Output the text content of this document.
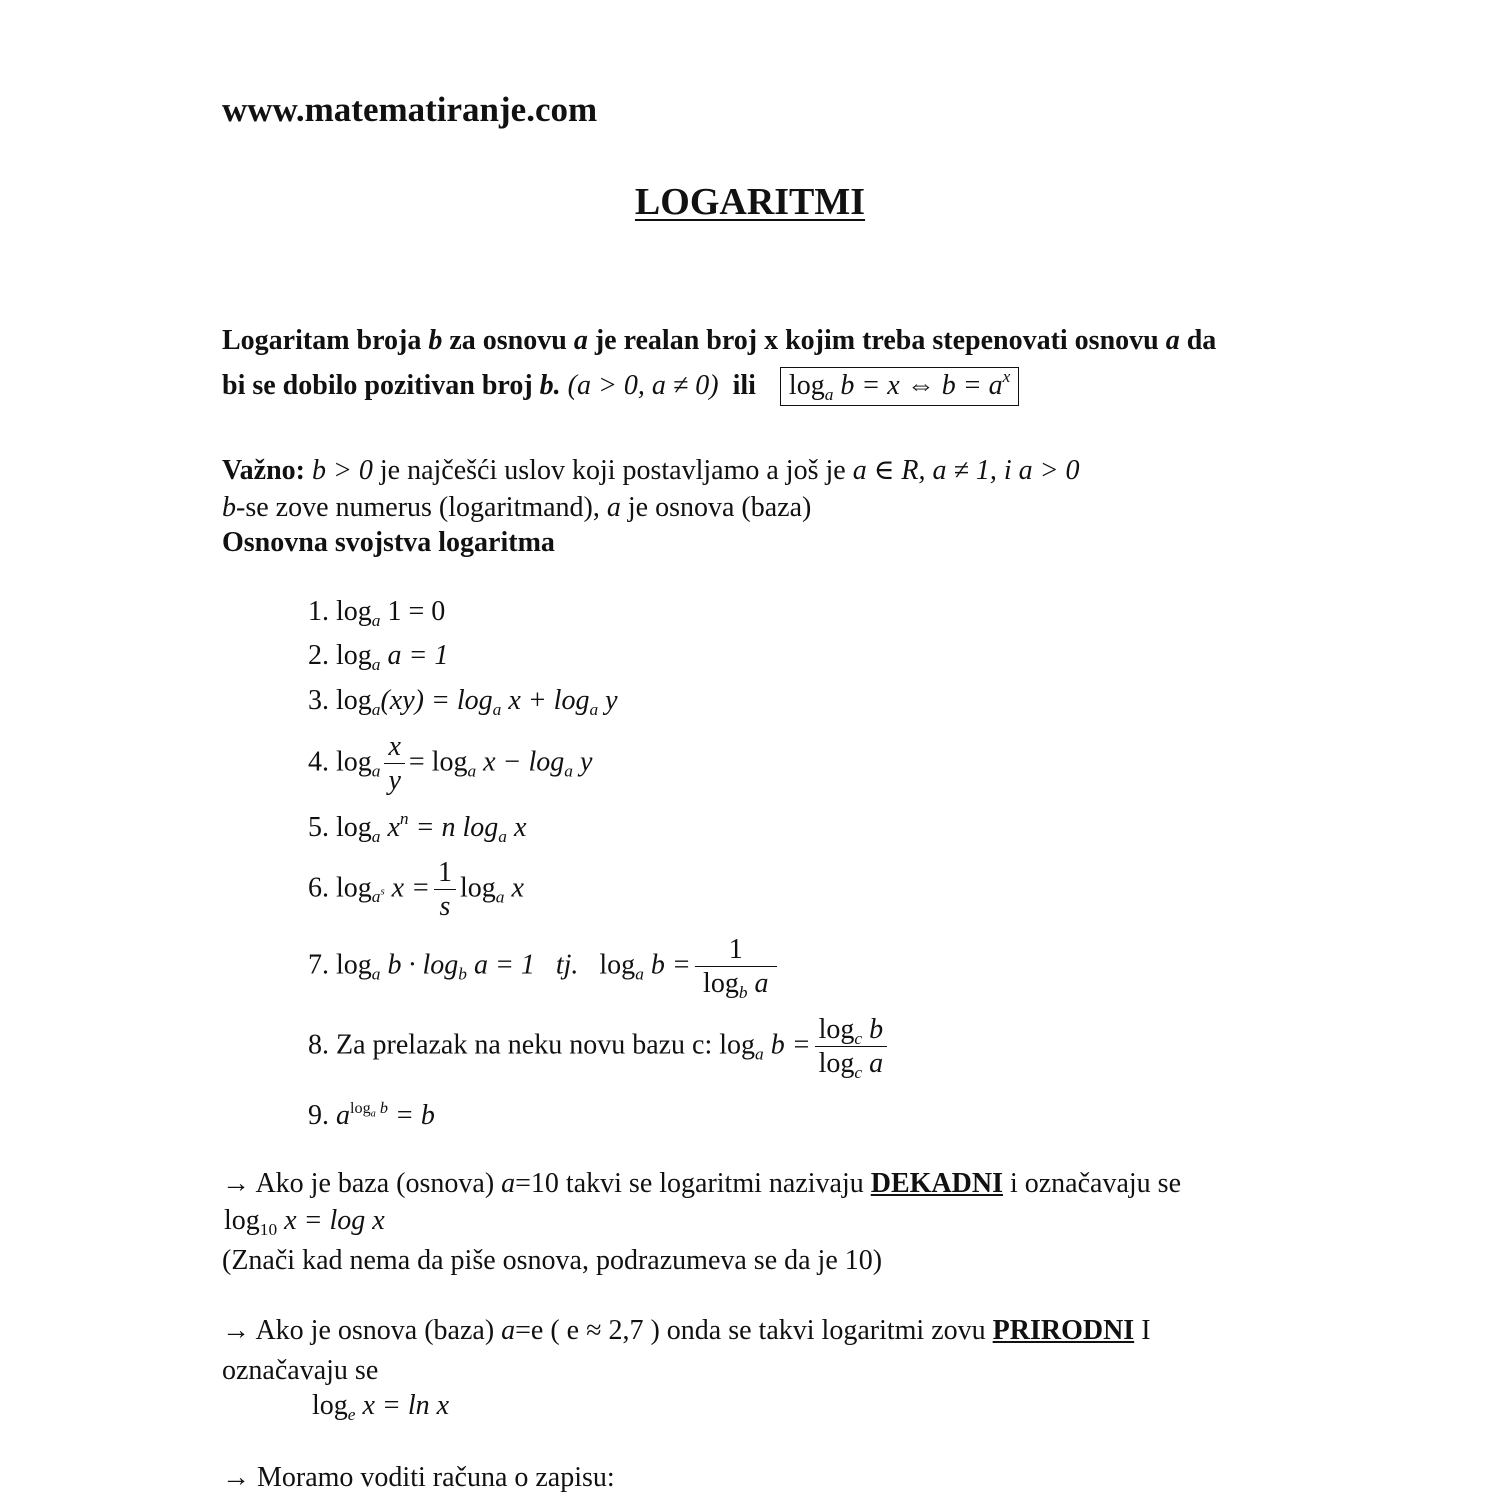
www.matematiranje.com
LOGARITMI
Logaritam broja b za osnovu a je realan broj x kojim treba stepenovati osnovu a da
bi se dobilo pozitivan broj b. (a > 0, a ≠ 0) ili $\log_a b = x$ ⇔ $b = a^x$
Važno: b > 0 je najčešći uslov koji postavljamo a još je a ∈ R, a ≠ 1, i a > 0
b-se zove numerus (logaritmand), a je osnova (baza)
Osnovna svojstva logaritma
1. $\log_a 1 = 0$
2. $\log_a a = 1$
3. $\log_a(xy) = \log_a x + \log_a y$
4. $\log_a \frac{x}{y} = \log_a x - \log_a y$
5. $\log_a x^n = n$ $\log_a x$
6. $\log_{a^s} x = \frac{1}{s} \log_a x$
7. $\log_a b \cdot \log_b a = 1$ tj. $\log_a b = \frac{1}{\log_b a}$
8. Za prelazak na neku novu bazu c: $\log_a b = \frac{\log_c b}{\log_c a}$
9. $a^{log_a b} = b$
→ Ako je baza (osnova) a=10 takvi se logaritmi nazivaju DEKADNI i označavaju se
$\log_{10} x = \log x$
(Znači kad nema da piše osnova, podrazumeva se da je 10)
→ Ako je osnova (baza) a=e ( e ≈ 2,7 ) onda se takvi logaritmi zovu PRIRODNI I
označavaju se
$\log_e x = \ln x$
→ Moramo voditi računa o zapisu:
